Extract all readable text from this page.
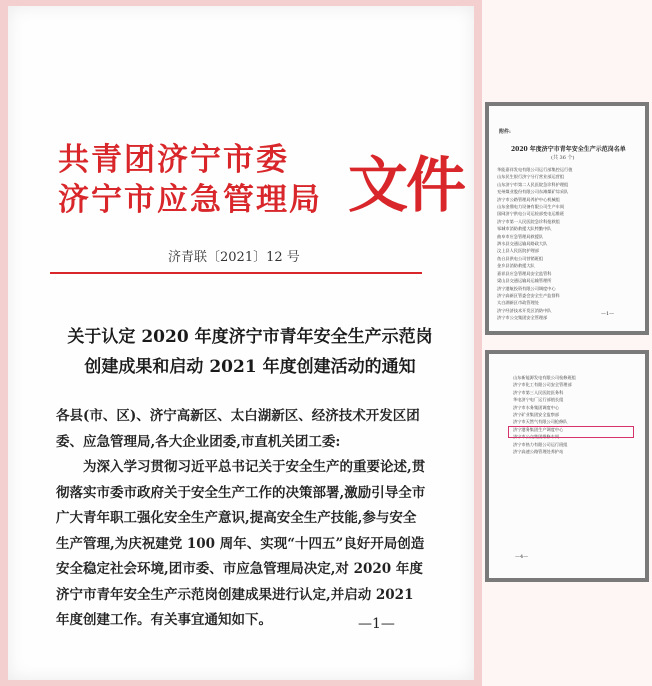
共青团济宁市委
济宁市应急管理局 文件
济青联〔2021〕12 号
关于认定 2020 年度济宁市青年安全生产示范岗
创建成果和启动 2021 年度创建活动的通知

各县(市、区)、济宁高新区、太白湖新区、经济技术开发区团委、应急管理局,各大企业团委,市直机关团工委:

为深入学习贯彻习近平总书记关于安全生产的重要论述,贯彻落实市委市政府关于安全生产工作的决策部署,激励引导全市广大青年职工强化安全生产意识,提高安全生产技能,参与安全生产管理,为庆祝建党 100 周年、实现“十四五”良好开局创造安全稳定社会环境,团市委、市应急管理局决定,对 2020 年度济宁市青年安全生产示范岗创建成果进行认定,并启动 2021 年度创建工作。有关事宜通知如下。	—1—
附件:
2020 年度济宁市青年安全生产示范岗名单
(共 36 个)
华能嘉祥发电有限公司运行部集控运行值
山东民生银行济宁分行营业部运营组
山东济宁市第二人民医院急诊科护理组
兖州煤业股份有限公司东滩煤矿综采队
济宁市公路管理局养护中心机械组
山东金鼎电力设备有限公司生产车间
国网济宁供电公司运检部变电运维班
济宁市第一人民医院急诊科抢救组
邹城市消防救援大队特勤中队
曲阜市应急管理局救援队
泗水县交通运输局路政大队
汶上县人民医院护理部
鱼台县供电公司营销班组
金乡县消防救援大队
嘉祥县应急管理局安全监管科
梁山县交通运输局运输管理所
济宁港航投资有限公司调度中心
济宁高新区管委会安全生产监督科
太白湖新区市政管理处
济宁经济技术开发区消防中队
济宁市公交集团安全管理部
—1—
山东新能源发电有限公司检修班组
济宁市化工有限公司安全管理部
济宁市第三人民医院医务科
华电济宁电厂运行部值长组
济宁市水务集团调度中心
济宁矿业集团安全监察部
济宁市天然气有限公司抢修队
济宁港务集团生产调度中心
济宁市公交集团维修车间
济宁市热力有限公司运行班组
济宁高速公路管理处养护站
—4—
